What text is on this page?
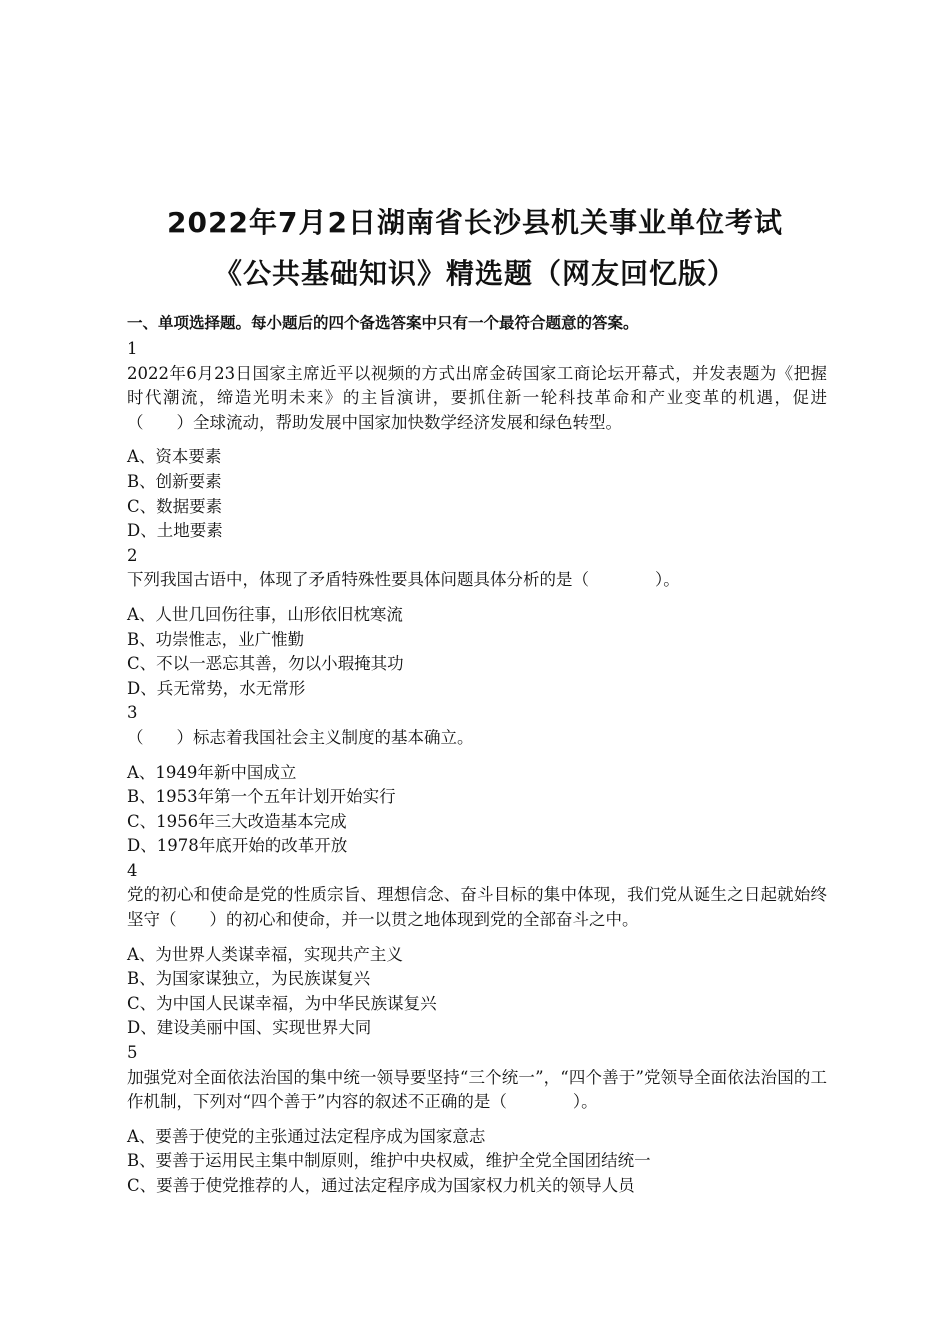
2022年7月2日湖南省长沙县机关事业单位考试
《公共基础知识》精选题（网友回忆版）
一、单项选择题。每小题后的四个备选答案中只有一个最符合题意的答案。
1
2022年6月23日国家主席近平以视频的方式出席金砖国家工商论坛开幕式，并发表题为《把握时代潮流，缔造光明未来》的主旨演讲，要抓住新一轮科技革命和产业变革的机遇，促进（　　）全球流动，帮助发展中国家加快数学经济发展和绿色转型。
A、资本要素
B、创新要素
C、数据要素
D、土地要素
2
下列我国古语中，体现了矛盾特殊性要具体问题具体分析的是（　　　　）。
A、人世几回伤往事，山形依旧枕寒流
B、功崇惟志，业广惟勤
C、不以一恶忘其善，勿以小瑕掩其功
D、兵无常势，水无常形
3
（　　）标志着我国社会主义制度的基本确立。
A、1949年新中国成立
B、1953年第一个五年计划开始实行
C、1956年三大改造基本完成
D、1978年底开始的改革开放
4
党的初心和使命是党的性质宗旨、理想信念、奋斗目标的集中体现，我们党从诞生之日起就始终坚守（　　）的初心和使命，并一以贯之地体现到党的全部奋斗之中。
A、为世界人类谋幸福，实现共产主义
B、为国家谋独立，为民族谋复兴
C、为中国人民谋幸福，为中华民族谋复兴
D、建设美丽中国、实现世界大同
5
加强党对全面依法治国的集中统一领导要坚持“三个统一”，“四个善于”党领导全面依法治国的工作机制，下列对“四个善于”内容的叙述不正确的是（　　　　）。
A、要善于使党的主张通过法定程序成为国家意志
B、要善于运用民主集中制原则，维护中央权威，维护全党全国团结统一
C、要善于使党推荐的人，通过法定程序成为国家权力机关的领导人员
